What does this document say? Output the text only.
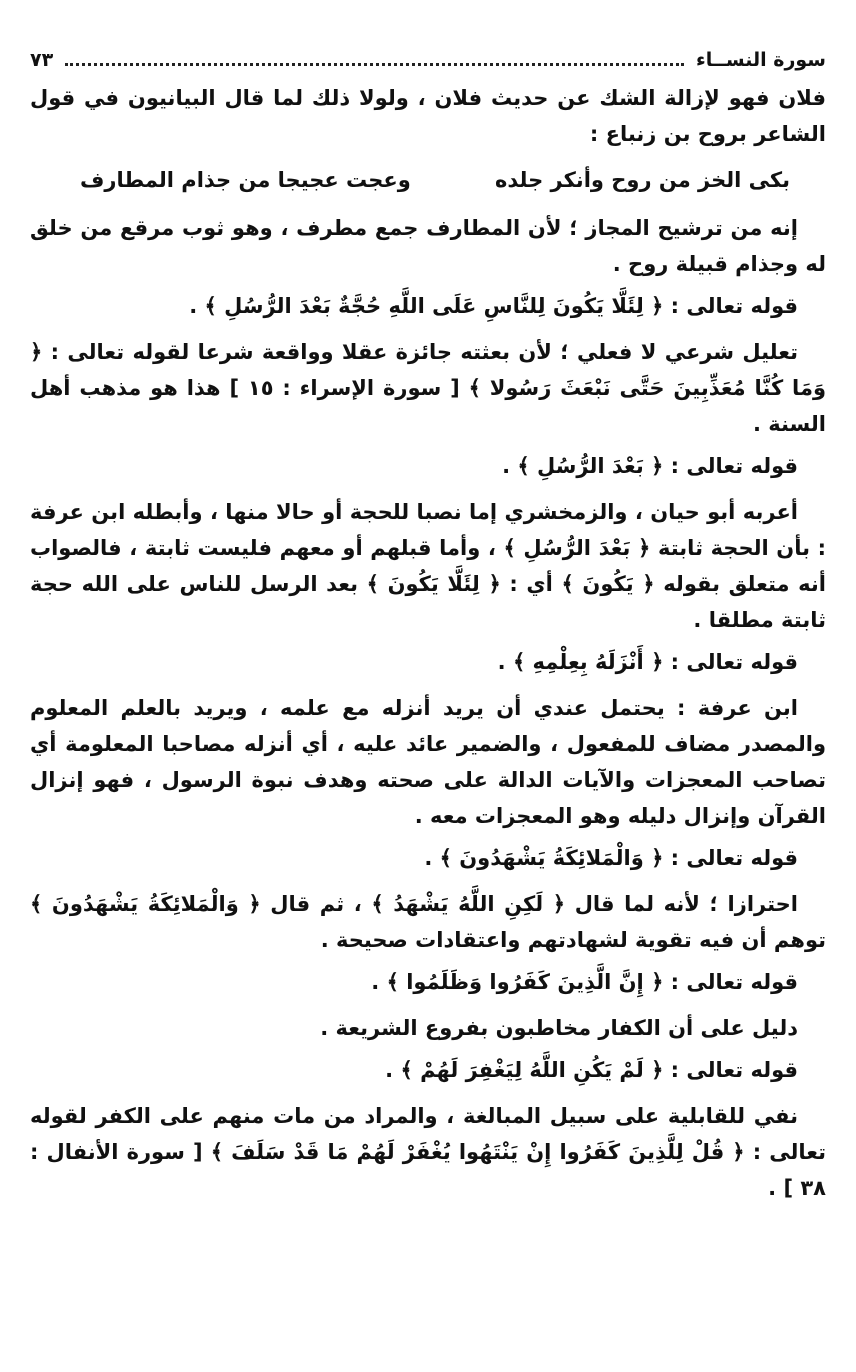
سورة النســاء
٧٣

فلان فهو لإزالة الشك عن حديث فلان ، ولولا ذلك لما قال البيانيون في قول الشاعر بروح بن زنباع :

بكى الخز من روح وأنكر جلده
وعجت عجيجا من جذام المطارف

إنه من ترشيح المجاز ؛ لأن المطارف جمع مطرف ، وهو ثوب مرقع من خلق له وجذام قبيلة روح .

قوله تعالى : ﴿ لِئَلَّا يَكُونَ لِلنَّاسِ عَلَى اللَّهِ حُجَّةٌ بَعْدَ الرُّسُلِ ﴾ .

تعليل شرعي لا فعلي ؛ لأن بعثته جائزة عقلا وواقعة شرعا لقوله تعالى : ﴿ وَمَا كُنَّا مُعَذِّبِينَ حَتَّى نَبْعَثَ رَسُولا ﴾ [ سورة الإسراء : ١٥ ] هذا هو مذهب أهل السنة .

قوله تعالى : ﴿ بَعْدَ الرُّسُلِ ﴾ .

أعربه أبو حيان ، والزمخشري إما نصبا للحجة أو حالا منها ، وأبطله ابن عرفة : بأن الحجة ثابتة ﴿ بَعْدَ الرُّسُلِ ﴾ ، وأما قبلهم أو معهم فليست ثابتة ، فالصواب أنه متعلق بقوله ﴿ يَكُونَ ﴾ أي : ﴿ لِئَلَّا يَكُونَ ﴾ بعد الرسل للناس على الله حجة ثابتة مطلقا .

قوله تعالى : ﴿ أَنْزَلَهُ بِعِلْمِهِ ﴾ .

ابن عرفة : يحتمل عندي أن يريد أنزله مع علمه ، ويريد بالعلم المعلوم والمصدر مضاف للمفعول ، والضمير عائد عليه ، أي أنزله مصاحبا المعلومة أي تصاحب المعجزات والآيات الدالة على صحته وهدف نبوة الرسول ، فهو إنزال القرآن وإنزال دليله وهو المعجزات معه .

قوله تعالى : ﴿ وَالْمَلائِكَةُ يَشْهَدُونَ ﴾ .

احترازا ؛ لأنه لما قال ﴿ لَكِنِ اللَّهُ يَشْهَدُ ﴾ ، ثم قال ﴿ وَالْمَلائِكَةُ يَشْهَدُونَ ﴾ توهم أن فيه تقوية لشهادتهم واعتقادات صحيحة .

قوله تعالى : ﴿ إِنَّ الَّذِينَ كَفَرُوا وَظَلَمُوا ﴾ .

دليل على أن الكفار مخاطبون بفروع الشريعة .

قوله تعالى : ﴿ لَمْ يَكُنِ اللَّهُ لِيَغْفِرَ لَهُمْ ﴾ .

نفي للقابلية على سبيل المبالغة ، والمراد من مات منهم على الكفر لقوله تعالى : ﴿ قُلْ لِلَّذِينَ كَفَرُوا إِنْ يَنْتَهُوا يُغْفَرْ لَهُمْ مَا قَدْ سَلَفَ ﴾ [ سورة الأنفال : ٣٨ ] .
